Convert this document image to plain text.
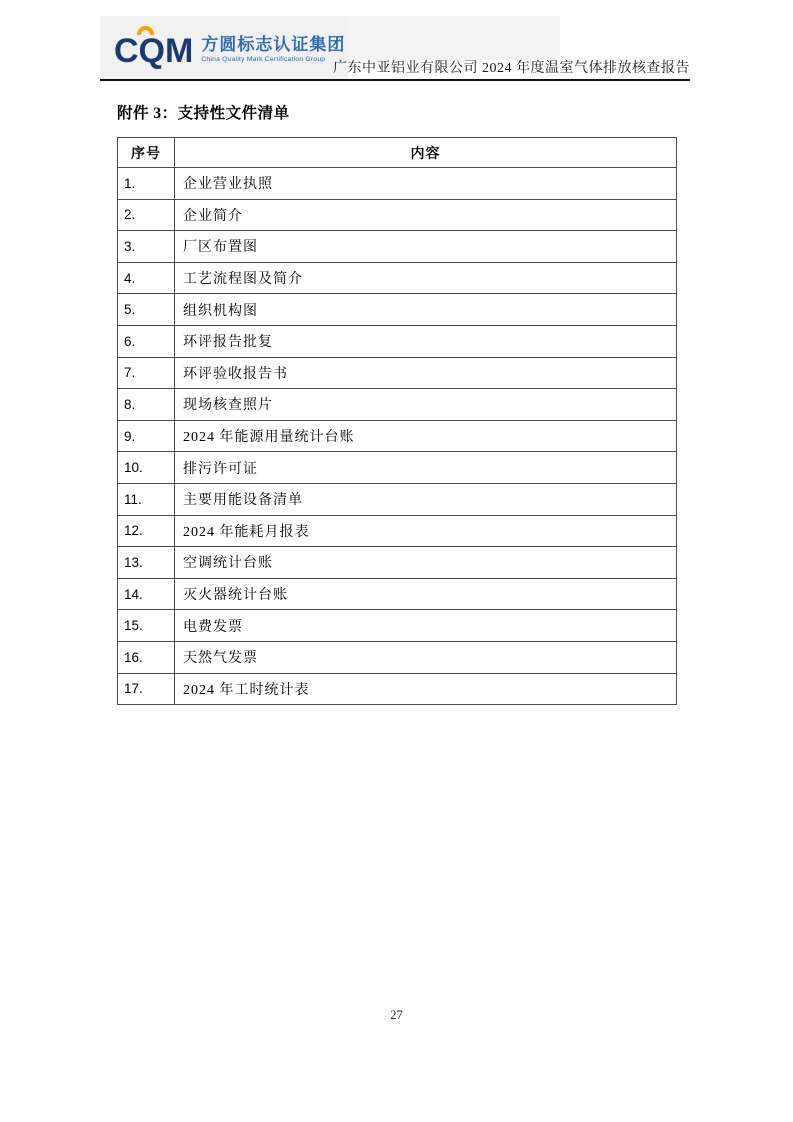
CQM 方圆标志认证集团
China Quality Mark Certification Group
广东中亚铝业有限公司 2024 年度温室气体排放核查报告
附件 3：支持性文件清单
序号	内容
1.	企业营业执照
2.	企业简介
3.	厂区布置图
4.	工艺流程图及简介
5.	组织机构图
6.	环评报告批复
7.	环评验收报告书
8.	现场核查照片
9.	2024 年能源用量统计台账
10.	排污许可证
11.	主要用能设备清单
12.	2024 年能耗月报表
13.	空调统计台账
14.	灭火器统计台账
15.	电费发票
16.	天然气发票
17.	2024 年工时统计表
27
